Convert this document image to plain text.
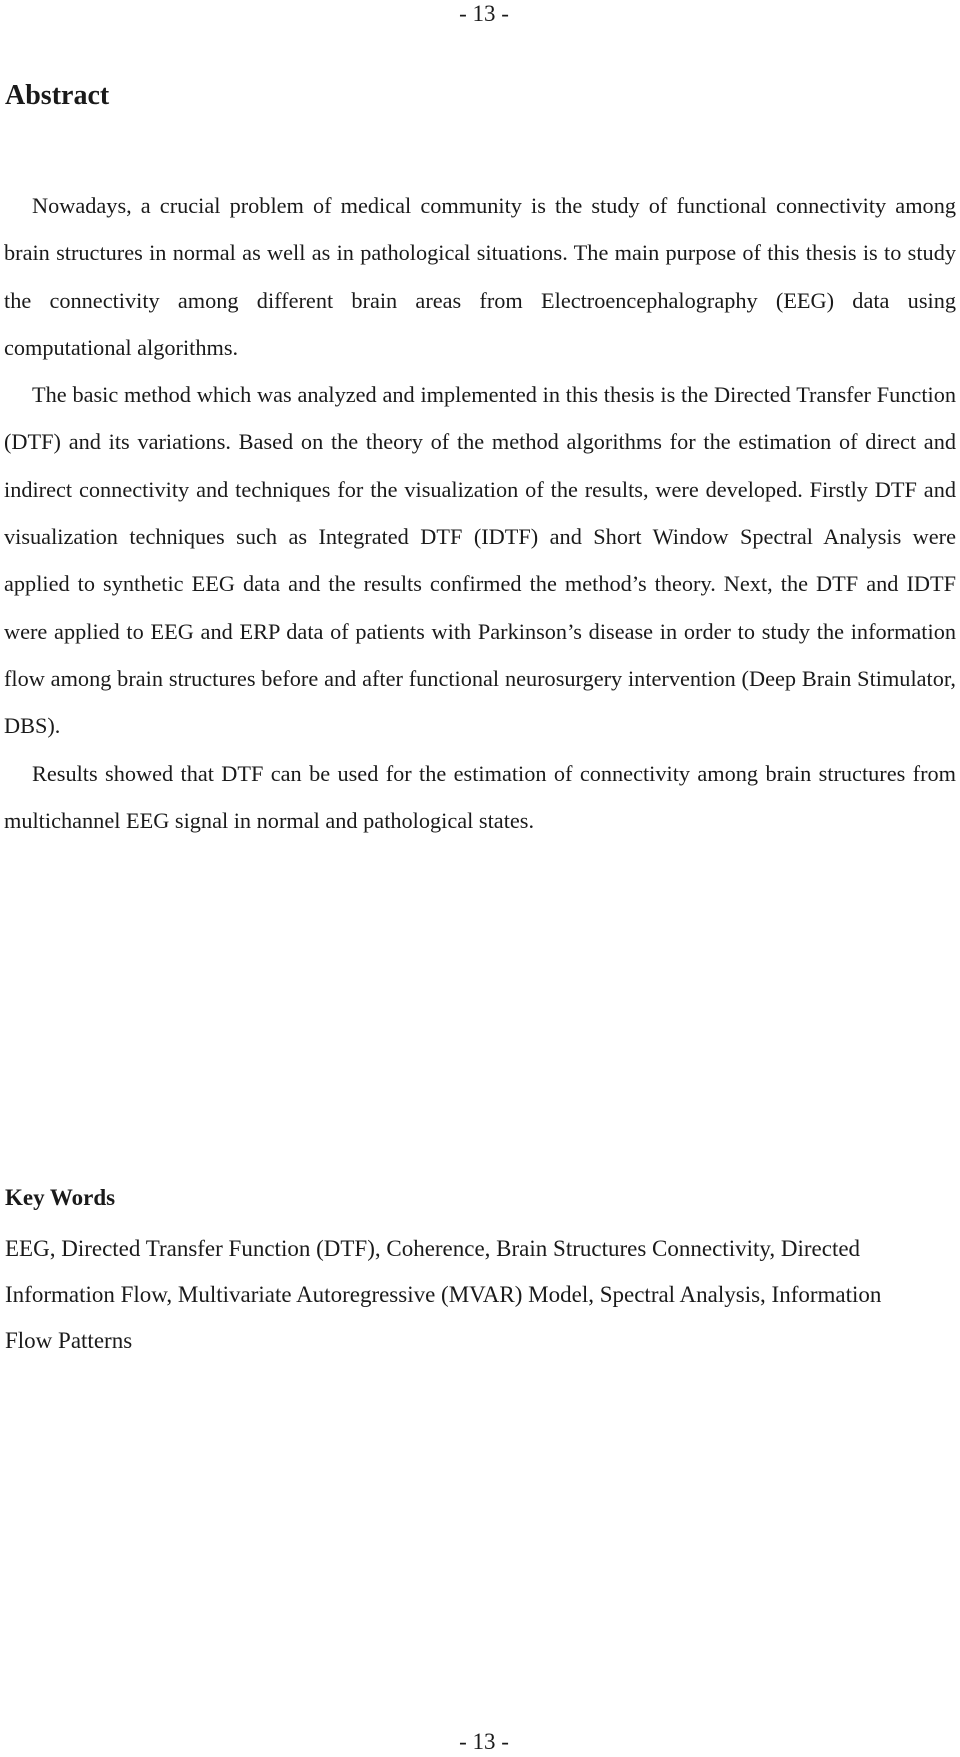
- 13 -
Abstract

Nowadays, a crucial problem of medical community is the study of functional connectivity among brain structures in normal as well as in pathological situations. The main purpose of this thesis is to study the connectivity among different brain areas from Electroencephalography (EEG) data using computational algorithms.

The basic method which was analyzed and implemented in this thesis is the Directed Transfer Function (DTF) and its variations. Based on the theory of the method algorithms for the estimation of direct and indirect connectivity and techniques for the visualization of the results, were developed. Firstly DTF and visualization techniques such as Integrated DTF (IDTF) and Short Window Spectral Analysis were applied to synthetic EEG data and the results confirmed the method’s theory. Next, the DTF and IDTF were applied to EEG and ERP data of patients with Parkinson’s disease in order to study the information flow among brain structures before and after functional neurosurgery intervention (Deep Brain Stimulator, DBS).

Results showed that DTF can be used for the estimation of connectivity among brain structures from multichannel EEG signal in normal and pathological states.

Key Words

EEG, Directed Transfer Function (DTF), Coherence, Brain Structures Connectivity, Directed Information Flow, Multivariate Autoregressive (MVAR) Model, Spectral Analysis, Information Flow Patterns

- 13 -
